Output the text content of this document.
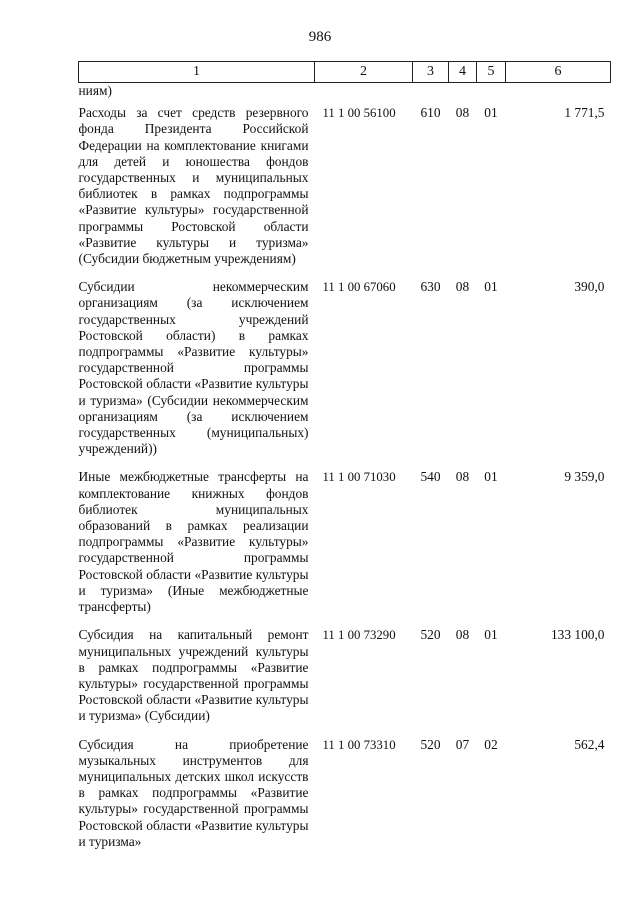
986
1	2	3	4	5	6
ниям)					
Расходы за счет средств резервного фонда Президента Российской Федерации на комплектование книгами для детей и юношества фондов государственных и муниципальных библиотек в рамках подпрограммы «Развитие культуры» государственной программы Ростовской области «Развитие культуры и туризма» (Субсидии бюджетным учреждениям)	11 1 00 56100	610	08	01	1 771,5
Субсидии некоммерческим организациям (за исключением государственных учреждений Ростовской области) в рамках подпрограммы «Развитие культуры» государственной программы Ростовской области «Развитие культуры и туризма» (Субсидии некоммерческим организациям (за исключением государственных (муниципальных) учреждений))	11 1 00 67060	630	08	01	390,0
Иные межбюджетные трансферты на комплектование книжных фондов библиотек муниципальных образований в рамках реализации подпрограммы «Развитие культуры» государственной программы Ростовской области «Развитие культуры и туризма» (Иные межбюджетные трансферты)	11 1 00 71030	540	08	01	9 359,0
Субсидия на капитальный ремонт муниципальных учреждений культуры в рамках подпрограммы «Развитие культуры» государственной программы Ростовской области «Развитие культуры и туризма» (Субсидии)	11 1 00 73290	520	08	01	133 100,0
Субсидия на приобретение музыкальных инструментов для муниципальных детских школ искусств в рамках подпрограммы «Развитие культуры» государственной программы Ростовской области «Развитие культуры и туризма»	11 1 00 73310	520	07	02	562,4
